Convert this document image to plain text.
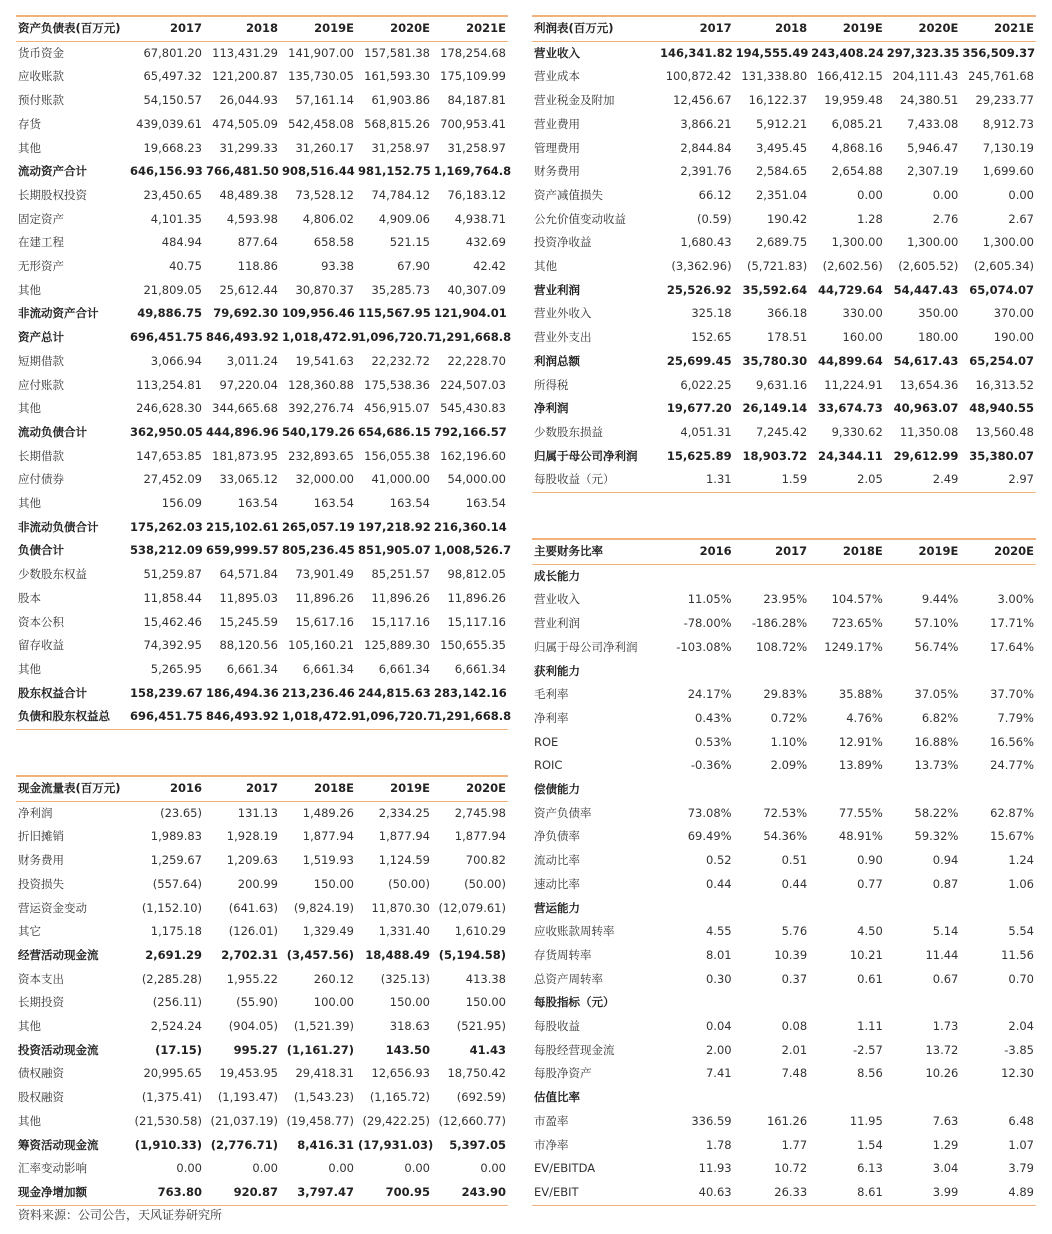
资产负债表(百万元)	2017	2018	2019E	2020E	2021E
货币资金	67,801.20	113,431.29	141,907.00	157,581.38	178,254.68
应收账款	65,497.32	121,200.87	135,730.05	161,593.30	175,109.99
预付账款	54,150.57	26,044.93	57,161.14	61,903.86	84,187.81
存货	439,039.61	474,505.09	542,458.08	568,815.26	700,953.41
其他	19,668.23	31,299.33	31,260.17	31,258.97	31,258.97
流动资产合计	646,156.93	766,481.50	908,516.44	981,152.75	1,169,764.8
长期股权投资	23,450.65	48,489.38	73,528.12	74,784.12	76,183.12
固定资产	4,101.35	4,593.98	4,806.02	4,909.06	4,938.71
在建工程	484.94	877.64	658.58	521.15	432.69
无形资产	40.75	118.86	93.38	67.90	42.42
其他	21,809.05	25,612.44	30,870.37	35,285.73	40,307.09
非流动资产合计	49,886.75	79,692.30	109,956.46	115,567.95	121,904.01
资产总计	696,451.75	846,493.92	1,018,472.9	1,096,720.7	1,291,668.8
短期借款	3,066.94	3,011.24	19,541.63	22,232.72	22,228.70
应付账款	113,254.81	97,220.04	128,360.88	175,538.36	224,507.03
其他	246,628.30	344,665.68	392,276.74	456,915.07	545,430.83
流动负债合计	362,950.05	444,896.96	540,179.26	654,686.15	792,166.57
长期借款	147,653.85	181,873.95	232,893.65	156,055.38	162,196.60
应付债券	27,452.09	33,065.12	32,000.00	41,000.00	54,000.00
其他	156.09	163.54	163.54	163.54	163.54
非流动负债合计	175,262.03	215,102.61	265,057.19	197,218.92	216,360.14
负债合计	538,212.09	659,999.57	805,236.45	851,905.07	1,008,526.7
少数股东权益	51,259.87	64,571.84	73,901.49	85,251.57	98,812.05
股本	11,858.44	11,895.03	11,896.26	11,896.26	11,896.26
资本公积	15,462.46	15,245.59	15,617.16	15,117.16	15,117.16
留存收益	74,392.95	88,120.56	105,160.21	125,889.30	150,655.35
其他	5,265.95	6,661.34	6,661.34	6,661.34	6,661.34
股东权益合计	158,239.67	186,494.36	213,236.46	244,815.63	283,142.16
负债和股东权益总	696,451.75	846,493.92	1,018,472.9	1,096,720.7	1,291,668.8
利润表(百万元)	2017	2018	2019E	2020E	2021E
营业收入	146,341.82	194,555.49	243,408.24	297,323.35	356,509.37
营业成本	100,872.42	131,338.80	166,412.15	204,111.43	245,761.68
营业税金及附加	12,456.67	16,122.37	19,959.48	24,380.51	29,233.77
营业费用	3,866.21	5,912.21	6,085.21	7,433.08	8,912.73
管理费用	2,844.84	3,495.45	4,868.16	5,946.47	7,130.19
财务费用	2,391.76	2,584.65	2,654.88	2,307.19	1,699.60
资产减值损失	66.12	2,351.04	0.00	0.00	0.00
公允价值变动收益	(0.59)	190.42	1.28	2.76	2.67
投资净收益	1,680.43	2,689.75	1,300.00	1,300.00	1,300.00
其他	(3,362.96)	(5,721.83)	(2,602.56)	(2,605.52)	(2,605.34)
营业利润	25,526.92	35,592.64	44,729.64	54,447.43	65,074.07
营业外收入	325.18	366.18	330.00	350.00	370.00
营业外支出	152.65	178.51	160.00	180.00	190.00
利润总额	25,699.45	35,780.30	44,899.64	54,617.43	65,254.07
所得税	6,022.25	9,631.16	11,224.91	13,654.36	16,313.52
净利润	19,677.20	26,149.14	33,674.73	40,963.07	48,940.55
少数股东损益	4,051.31	7,245.42	9,330.62	11,350.08	13,560.48
归属于母公司净利润	15,625.89	18,903.72	24,344.11	29,612.99	35,380.07
每股收益（元）	1.31	1.59	2.05	2.49	2.97
现金流量表(百万元)	2016	2017	2018E	2019E	2020E
净利润	(23.65)	131.13	1,489.26	2,334.25	2,745.98
折旧摊销	1,989.83	1,928.19	1,877.94	1,877.94	1,877.94
财务费用	1,259.67	1,209.63	1,519.93	1,124.59	700.82
投资损失	(557.64)	200.99	150.00	(50.00)	(50.00)
营运资金变动	(1,152.10)	(641.63)	(9,824.19)	11,870.30	(12,079.61)
其它	1,175.18	(126.01)	1,329.49	1,331.40	1,610.29
经营活动现金流	2,691.29	2,702.31	(3,457.56)	18,488.49	(5,194.58)
资本支出	(2,285.28)	1,955.22	260.12	(325.13)	413.38
长期投资	(256.11)	(55.90)	100.00	150.00	150.00
其他	2,524.24	(904.05)	(1,521.39)	318.63	(521.95)
投资活动现金流	(17.15)	995.27	(1,161.27)	143.50	41.43
债权融资	20,995.65	19,453.95	29,418.31	12,656.93	18,750.42
股权融资	(1,375.41)	(1,193.47)	(1,543.23)	(1,165.72)	(692.59)
其他	(21,530.58)	(21,037.19)	(19,458.77)	(29,422.25)	(12,660.77)
筹资活动现金流	(1,910.33)	(2,776.71)	8,416.31	(17,931.03)	5,397.05
汇率变动影响	0.00	0.00	0.00	0.00	0.00
现金净增加额	763.80	920.87	3,797.47	700.95	243.90
主要财务比率	2016	2017	2018E	2019E	2020E
成长能力					
营业收入	11.05%	23.95%	104.57%	9.44%	3.00%
营业利润	-78.00%	-186.28%	723.65%	57.10%	17.71%
归属于母公司净利润	-103.08%	108.72%	1249.17%	56.74%	17.64%
获利能力					
毛利率	24.17%	29.83%	35.88%	37.05%	37.70%
净利率	0.43%	0.72%	4.76%	6.82%	7.79%
ROE	0.53%	1.10%	12.91%	16.88%	16.56%
ROIC	-0.36%	2.09%	13.89%	13.73%	24.77%
偿债能力					
资产负债率	73.08%	72.53%	77.55%	58.22%	62.87%
净负债率	69.49%	54.36%	48.91%	59.32%	15.67%
流动比率	0.52	0.51	0.90	0.94	1.24
速动比率	0.44	0.44	0.77	0.87	1.06
营运能力					
应收账款周转率	4.55	5.76	4.50	5.14	5.54
存货周转率	8.01	10.39	10.21	11.44	11.56
总资产周转率	0.30	0.37	0.61	0.67	0.70
每股指标（元）					
每股收益	0.04	0.08	1.11	1.73	2.04
每股经营现金流	2.00	2.01	-2.57	13.72	-3.85
每股净资产	7.41	7.48	8.56	10.26	12.30
估值比率					
市盈率	336.59	161.26	11.95	7.63	6.48
市净率	1.78	1.77	1.54	1.29	1.07
EV/EBITDA	11.93	10.72	6.13	3.04	3.79
EV/EBIT	40.63	26.33	8.61	3.99	4.89
资料来源：公司公告，天风证券研究所
